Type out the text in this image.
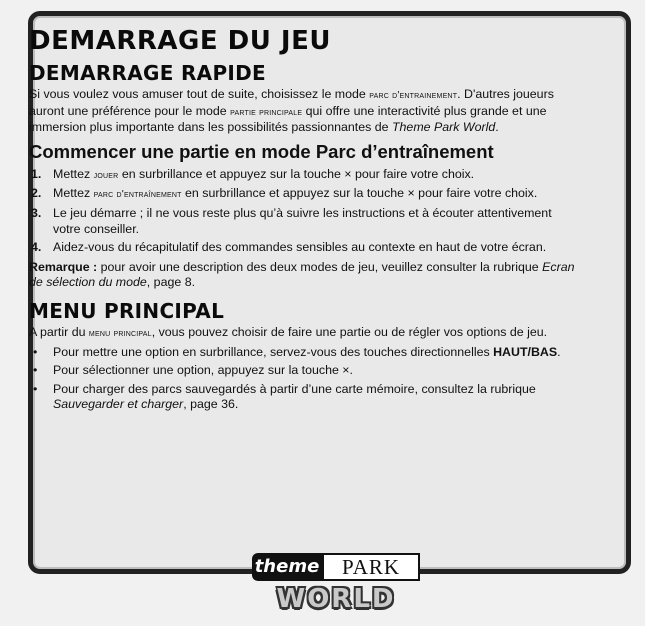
DEMARRAGE DU JEU
DEMARRAGE RAPIDE

Si vous voulez vous amuser tout de suite, choisissez le mode parc d'entrainement. D'autres joueurs auront une préférence pour le mode partie principale qui offre une interactivité plus grande et une immersion plus importante dans les possibilités passionnantes de Theme Park World.

Commencer une partie en mode Parc d’entraînement
1. Mettez jouer en surbrillance et appuyez sur la touche × pour faire votre choix.
2. Mettez parc d'entraînement en surbrillance et appuyez sur la touche × pour faire votre choix.
3. Le jeu démarre ; il ne vous reste plus qu’à suivre les instructions et à écouter attentivement votre conseiller.
4. Aidez-vous du récapitulatif des commandes sensibles au contexte en haut de votre écran.

Remarque : pour avoir une description des deux modes de jeu, veuillez consulter la rubrique Ecran de sélection du mode, page 8.

MENU PRINCIPAL

A partir du menu principal, vous pouvez choisir de faire une partie ou de régler vos options de jeu.

• Pour mettre une option en surbrillance, servez-vous des touches directionnelles HAUT/BAS.
• Pour sélectionner une option, appuyez sur la touche ×.
• Pour charger des parcs sauvegardés à partir d’une carte mémoire, consultez la rubrique Sauvegarder et charger, page 36.
theme	PARK
WORLD
